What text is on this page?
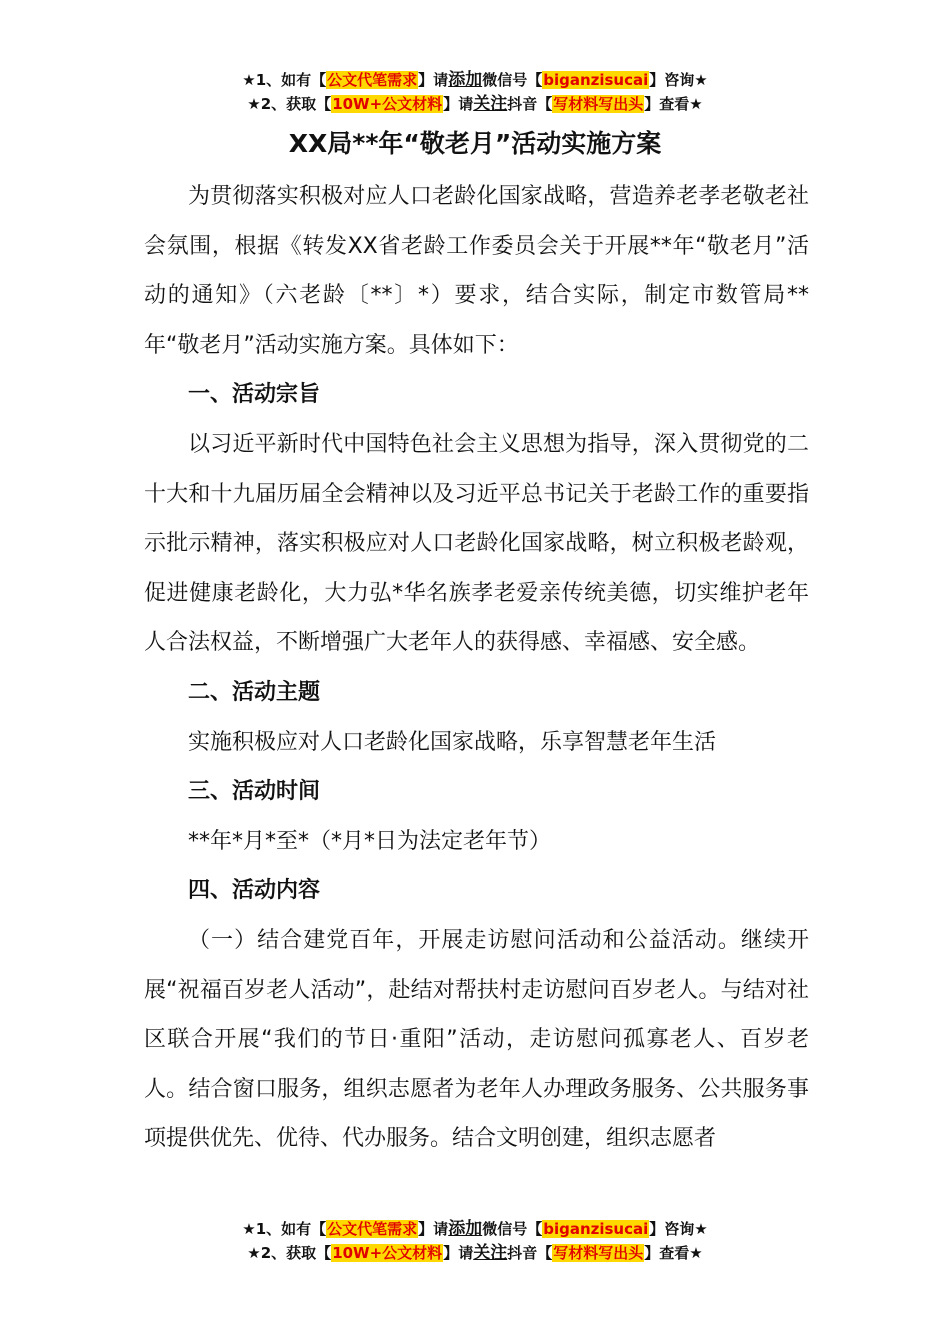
★1、如有【公文代笔需求】请添加微信号【biganzisucai】咨询★
★2、获取【10W+公文材料】请关注抖音【写材料写出头】查看★
XX局**年“敬老月”活动实施方案

为贯彻落实积极对应人口老龄化国家战略，营造养老孝老敬老社会氛围，根据《转发XX省老龄工作委员会关于开展**年“敬老月”活动的通知》（六老龄〔**〕*）要求，结合实际，制定市数管局**年“敬老月”活动实施方案。具体如下：

一、活动宗旨

以习近平新时代中国特色社会主义思想为指导，深入贯彻党的二十大和十九届历届全会精神以及习近平总书记关于老龄工作的重要指示批示精神，落实积极应对人口老龄化国家战略，树立积极老龄观，促进健康老龄化，大力弘*华名族孝老爱亲传统美德，切实维护老年人合法权益，不断增强广大老年人的获得感、幸福感、安全感。

二、活动主题

实施积极应对人口老龄化国家战略，乐享智慧老年生活

三、活动时间

**年*月*至*（*月*日为法定老年节）

四、活动内容

（一）结合建党百年，开展走访慰问活动和公益活动。继续开展“祝福百岁老人活动”，赴结对帮扶村走访慰问百岁老人。与结对社区联合开展“我们的节日·重阳”活动，走访慰问孤寡老人、百岁老人。结合窗口服务，组织志愿者为老年人办理政务服务、公共服务事项提供优先、优待、代办服务。结合文明创建，组织志愿者

★1、如有【公文代笔需求】请添加微信号【biganzisucai】咨询★
★2、获取【10W+公文材料】请关注抖音【写材料写出头】查看★
